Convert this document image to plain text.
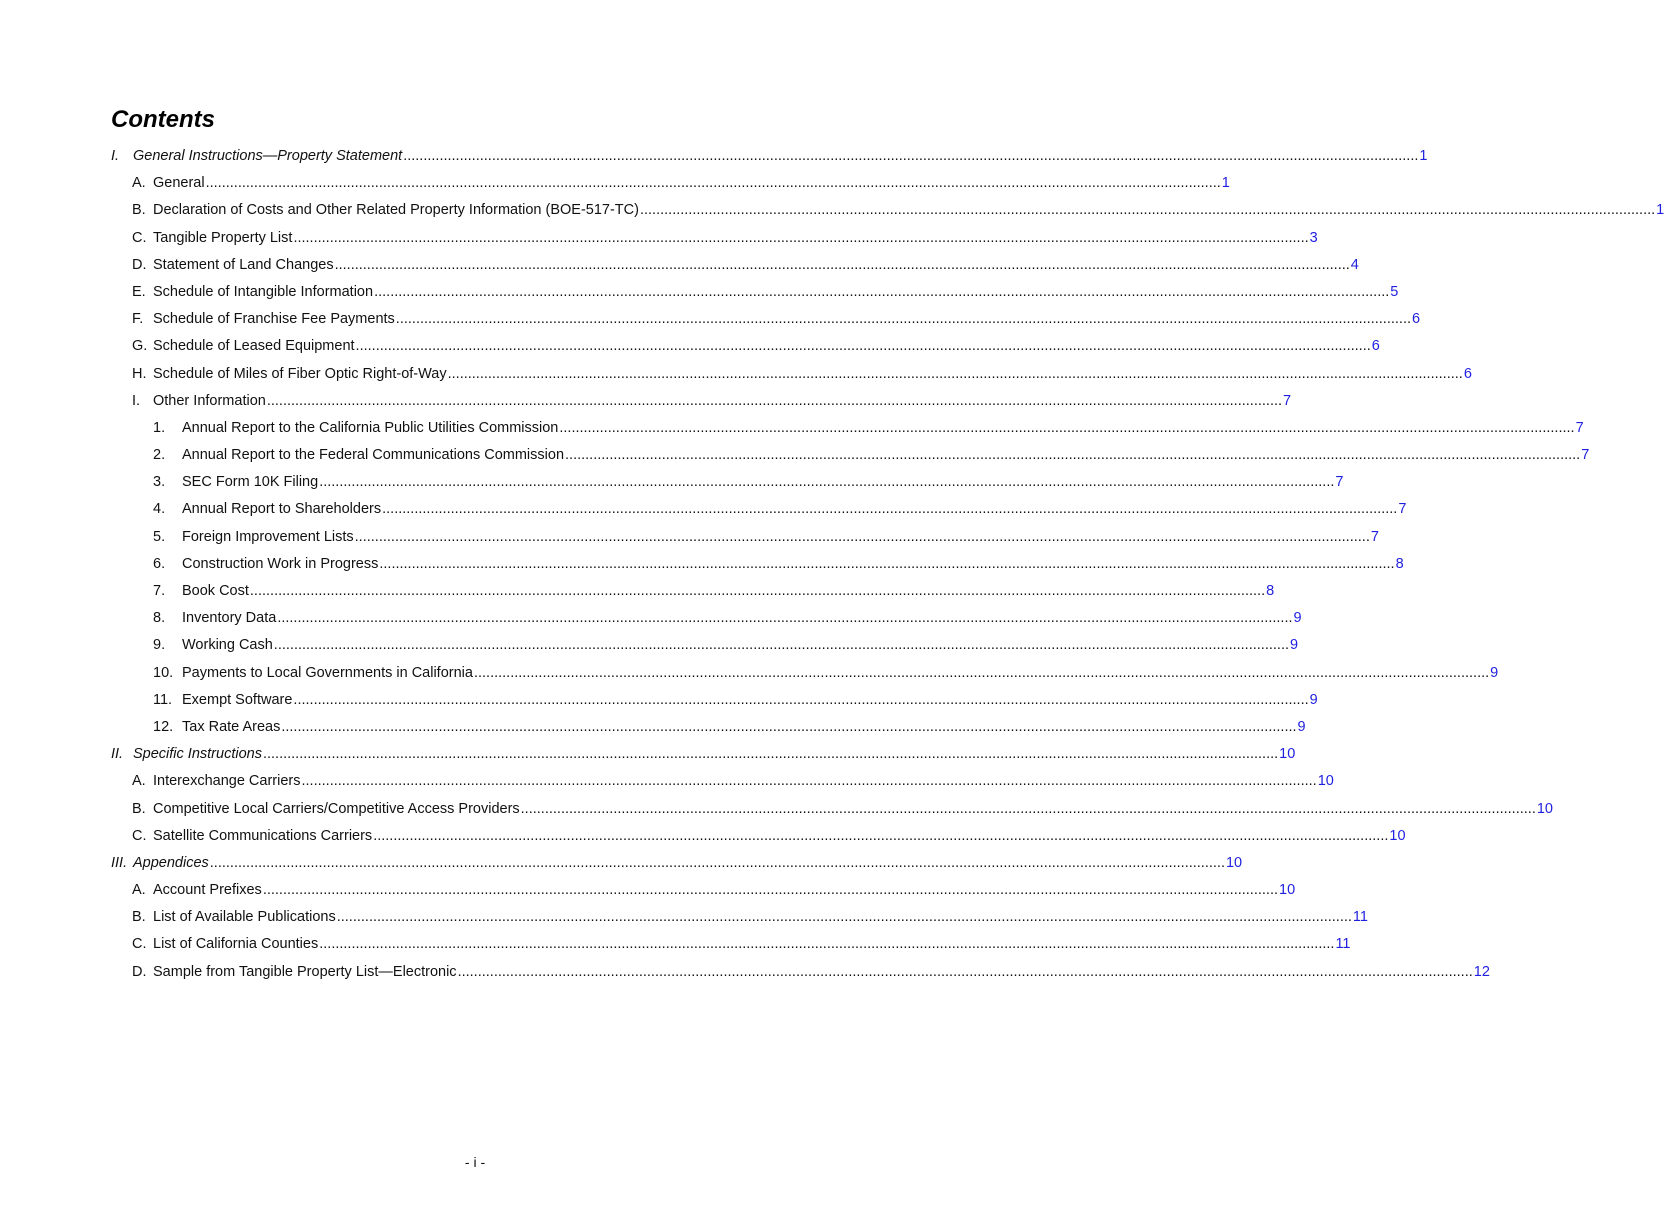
Contents
I. General Instructions—Property Statement .....	1
A. General .....	1
B. Declaration of Costs and Other Related Property Information (BOE-517-TC) .....	1
C. Tangible Property List .....	3
D. Statement of Land Changes .....	4
E. Schedule of Intangible Information .....	5
F. Schedule of Franchise Fee Payments .....	6
G. Schedule of Leased Equipment .....	6
H. Schedule of Miles of Fiber Optic Right-of-Way .....	6
I. Other Information .....	7
1.	Annual Report to the California Public Utilities Commission .....	7
2.	Annual Report to the Federal Communications Commission .....	7
3.	SEC Form 10K Filing .....	7
4.	Annual Report to Shareholders .....	7
5.	Foreign Improvement Lists .....	7
6.	Construction Work in Progress .....	8
7.	Book Cost .....	8
8.	Inventory Data .....	9
9.	Working Cash .....	9
10. Payments to Local Governments in California .....	9
11. Exempt Software .....	9
12. Tax Rate Areas .....	9
II. Specific Instructions .....	10
A. Interexchange Carriers .....	10
B. Competitive Local Carriers/Competitive Access Providers .....	10
C. Satellite Communications Carriers .....	10
III. Appendices .....	10
A. Account Prefixes .....	10
B. List of Available Publications .....	11
C. List of California Counties .....	11
D. Sample from Tangible Property List—Electronic .....	12
- i -
